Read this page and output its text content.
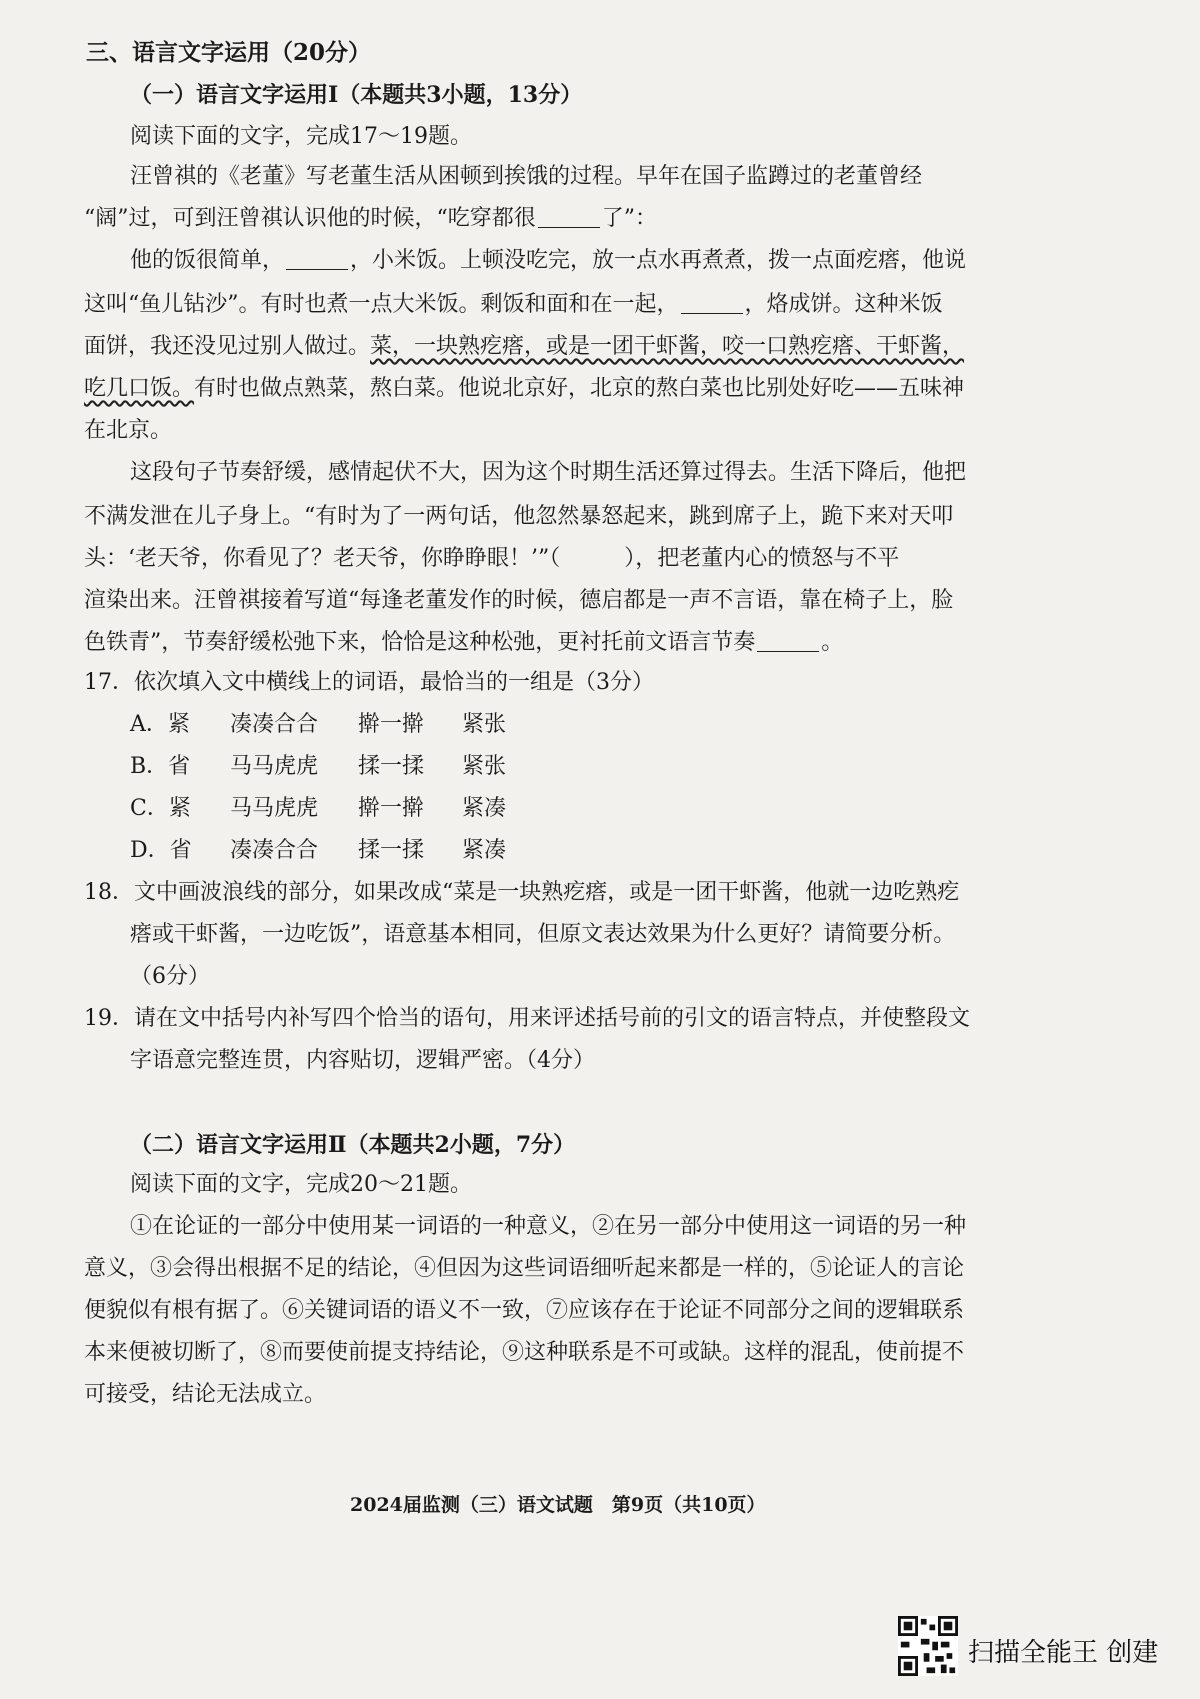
三、语言文字运用（20分）
（一）语言文字运用Ⅰ（本题共3小题，13分）
阅读下面的文字，完成17～19题。
汪曾祺的《老董》写老董生活从困顿到挨饿的过程。早年在国子监蹲过的老董曾经
“阔”过，可到汪曾祺认识他的时候，“吃穿都很	了”：
他的饭很简单，	，小米饭。上顿没吃完，放一点水再煮煮，拨一点面疙瘩，他说
这叫“鱼儿钻沙”。有时也煮一点大米饭。剩饭和面和在一起，	，烙成饼。这种米饭
面饼，我还没见过别人做过。菜，一块熟疙瘩，或是一团干虾酱，咬一口熟疙瘩、干虾酱，
吃几口饭。有时也做点熟菜，熬白菜。他说北京好，北京的熬白菜也比别处好吃——五味神
在北京。
这段句子节奏舒缓，感情起伏不大，因为这个时期生活还算过得去。生活下降后，他把
不满发泄在儿子身上。“有时为了一两句话，他忽然暴怒起来，跳到席子上，跪下来对天叩
头：‘老天爷，你看见了？老天爷，你睁睁眼！’”（	），把老董内心的愤怒与不平
渲染出来。汪曾祺接着写道“每逢老董发作的时候，德启都是一声不言语，靠在椅子上，脸
色铁青”，节奏舒缓松弛下来，恰恰是这种松弛，更衬托前文语言节奏	。
17．依次填入文中横线上的词语，最恰当的一组是（3分）
A．紧	凑凑合合 擀一擀 紧张
B．省 马马虎虎 揉一揉 紧张
C．紧 马马虎虎 擀一擀 紧凑
D．省 凑凑合合 揉一揉 紧凑
18．文中画波浪线的部分，如果改成“菜是一块熟疙瘩，或是一团干虾酱，他就一边吃熟疙
瘩或干虾酱，一边吃饭”，语意基本相同，但原文表达效果为什么更好？请简要分析。
（6分）
19．请在文中括号内补写四个恰当的语句，用来评述括号前的引文的语言特点，并使整段文
字语意完整连贯，内容贴切，逻辑严密。（4分）
（二）语言文字运用Ⅱ（本题共2小题，7分）
阅读下面的文字，完成20～21题。
①在论证的一部分中使用某一词语的一种意义，②在另一部分中使用这一词语的另一种
意义，③会得出根据不足的结论，④但因为这些词语细听起来都是一样的，⑤论证人的言论
便貌似有根有据了。⑥关键词语的语义不一致，⑦应该存在于论证不同部分之间的逻辑联系
本来便被切断了，⑧而要使前提支持结论，⑨这种联系是不可或缺。这样的混乱，使前提不
可接受，结论无法成立。
2024届监测（三）语文试题　第9页（共10页）
扫描全能王 创建
